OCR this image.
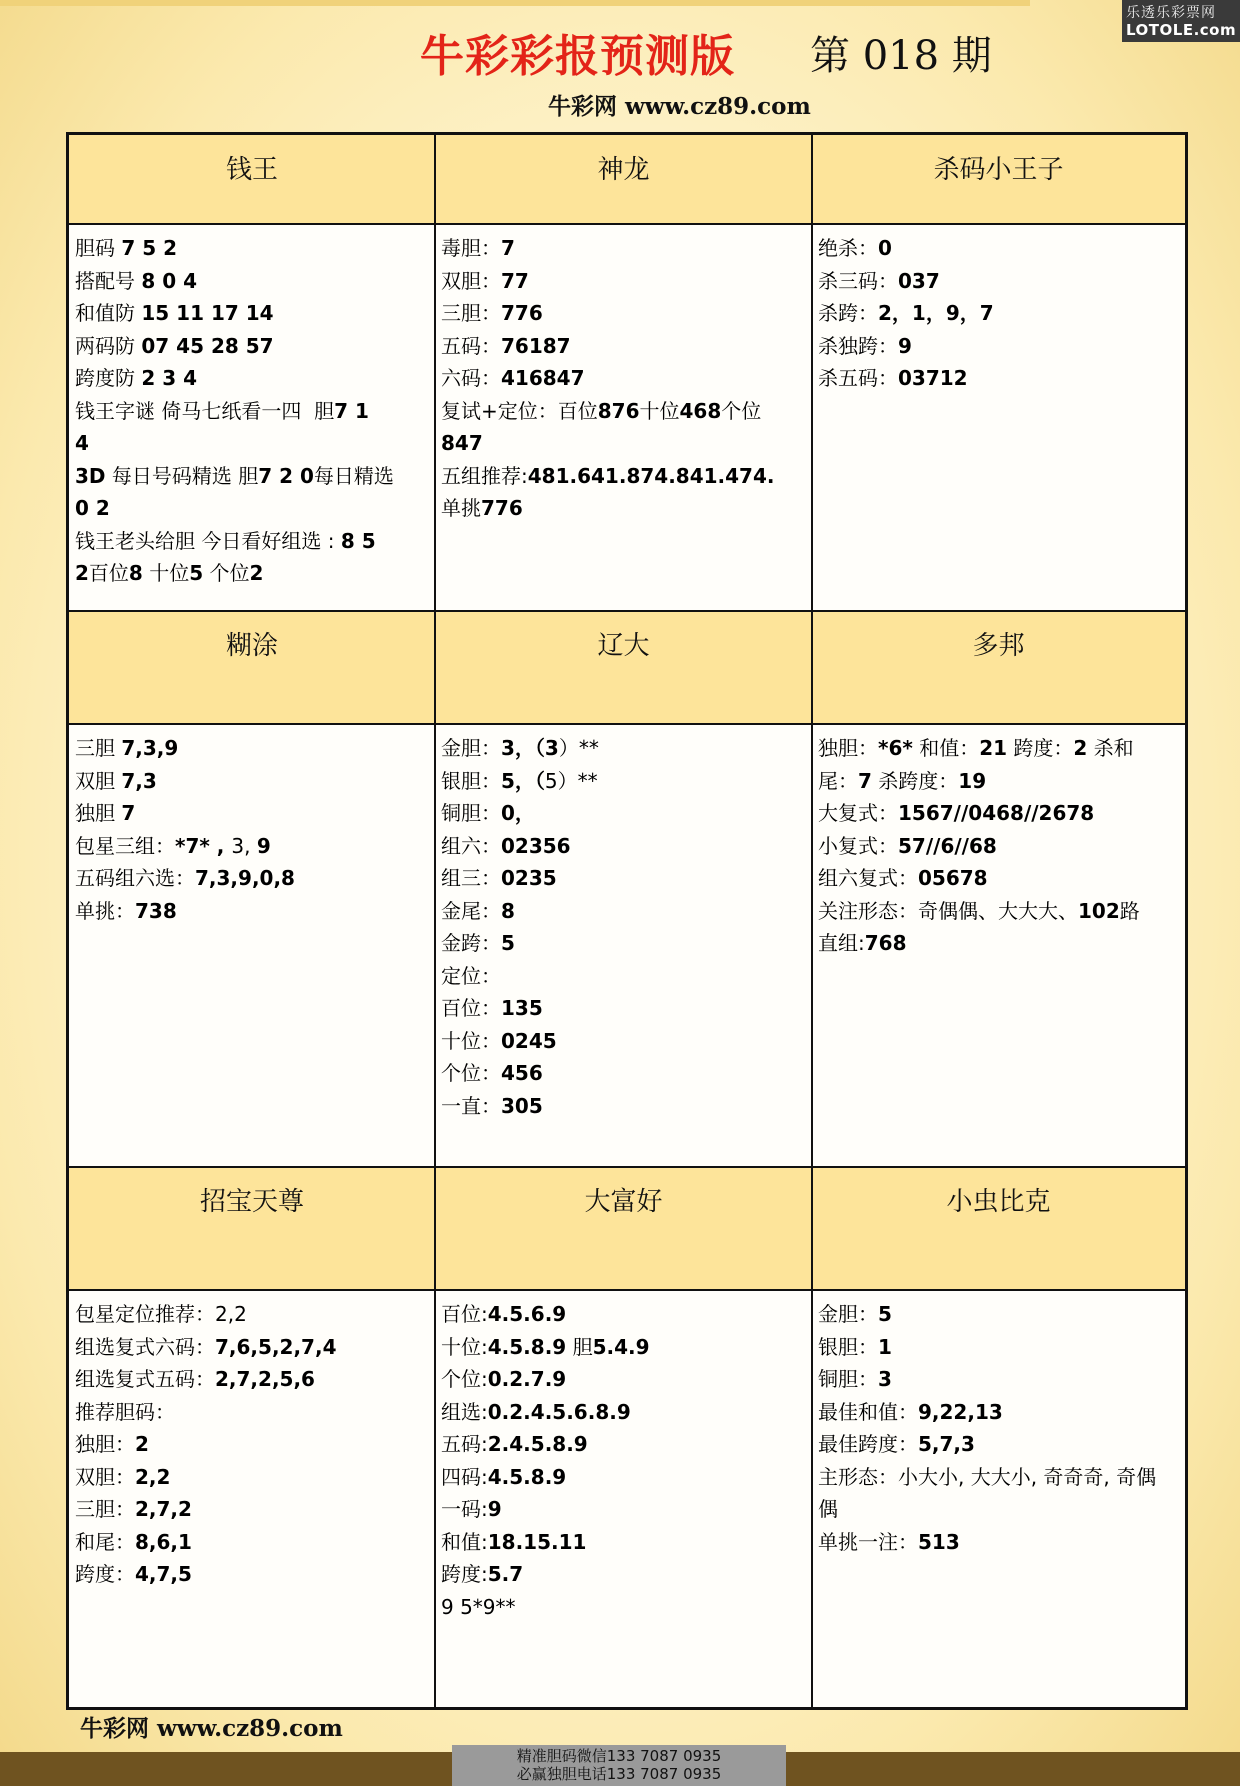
牛彩彩报预测版 第 018 期
牛彩网 www.cz89.com
乐透乐彩票网
LOTOLE.com
钱王
胆码 7 5 2
搭配号 8 0 4
和值防 15 11 17 14
两码防 07 45 28 57
跨度防 2 3 4
钱王字谜 倚马七纸看一四  胆7 1
4
3D 每日号码精选 胆7 2 0每日精选
0 2
钱王老头给胆 今日看好组选 : 8 5
2百位8 十位5 个位2
神龙
毒胆：7
双胆：77
三胆：776
五码：76187
六码：416847
复试+定位：百位876十位468个位
847
五组推荐:481.641.874.841.474.
单挑776
杀码小王子
绝杀：0
杀三码：037
杀跨：2，1，9，7
杀独跨：9
杀五码：03712
糊涂
三胆 7,3,9
双胆 7,3
独胆 7
包星三组：*7* , 3, 9
五码组六选：7,3,9,0,8
单挑：738
辽大
金胆：3，（3）**
银胆：5，（5）**
铜胆：0，
组六：02356
组三：0235
金尾：8
金跨：5
定位：
百位：135
十位：0245
个位：456
一直：305
多邦
独胆：*6* 和值：21 跨度：2 杀和
尾：7 杀跨度：19
大复式：1567//0468//2678
小复式：57//6//68
组六复式：05678
关注形态：奇偶偶、大大大、102路
直组:768
招宝天尊
包星定位推荐：2,2
组选复式六码：7,6,5,2,7,4
组选复式五码：2,7,2,5,6
推荐胆码：
独胆：2
双胆：2,2
三胆：2,7,2
和尾：8,6,1
跨度：4,7,5
大富好
百位:4.5.6.9
十位:4.5.8.9 胆5.4.9
个位:0.2.7.9
组选:0.2.4.5.6.8.9
五码:2.4.5.8.9
四码:4.5.8.9
一码:9
和值:18.15.11
跨度:5.7
9 5*9**
小虫比克
金胆：5
银胆：1
铜胆：3
最佳和值：9,22,13
最佳跨度：5,7,3
主形态：小大小, 大大小, 奇奇奇, 奇偶
偶
单挑一注：513
牛彩网 www.cz89.com
精准胆码微信133 7087 0935
必赢独胆电话133 7087 0935
